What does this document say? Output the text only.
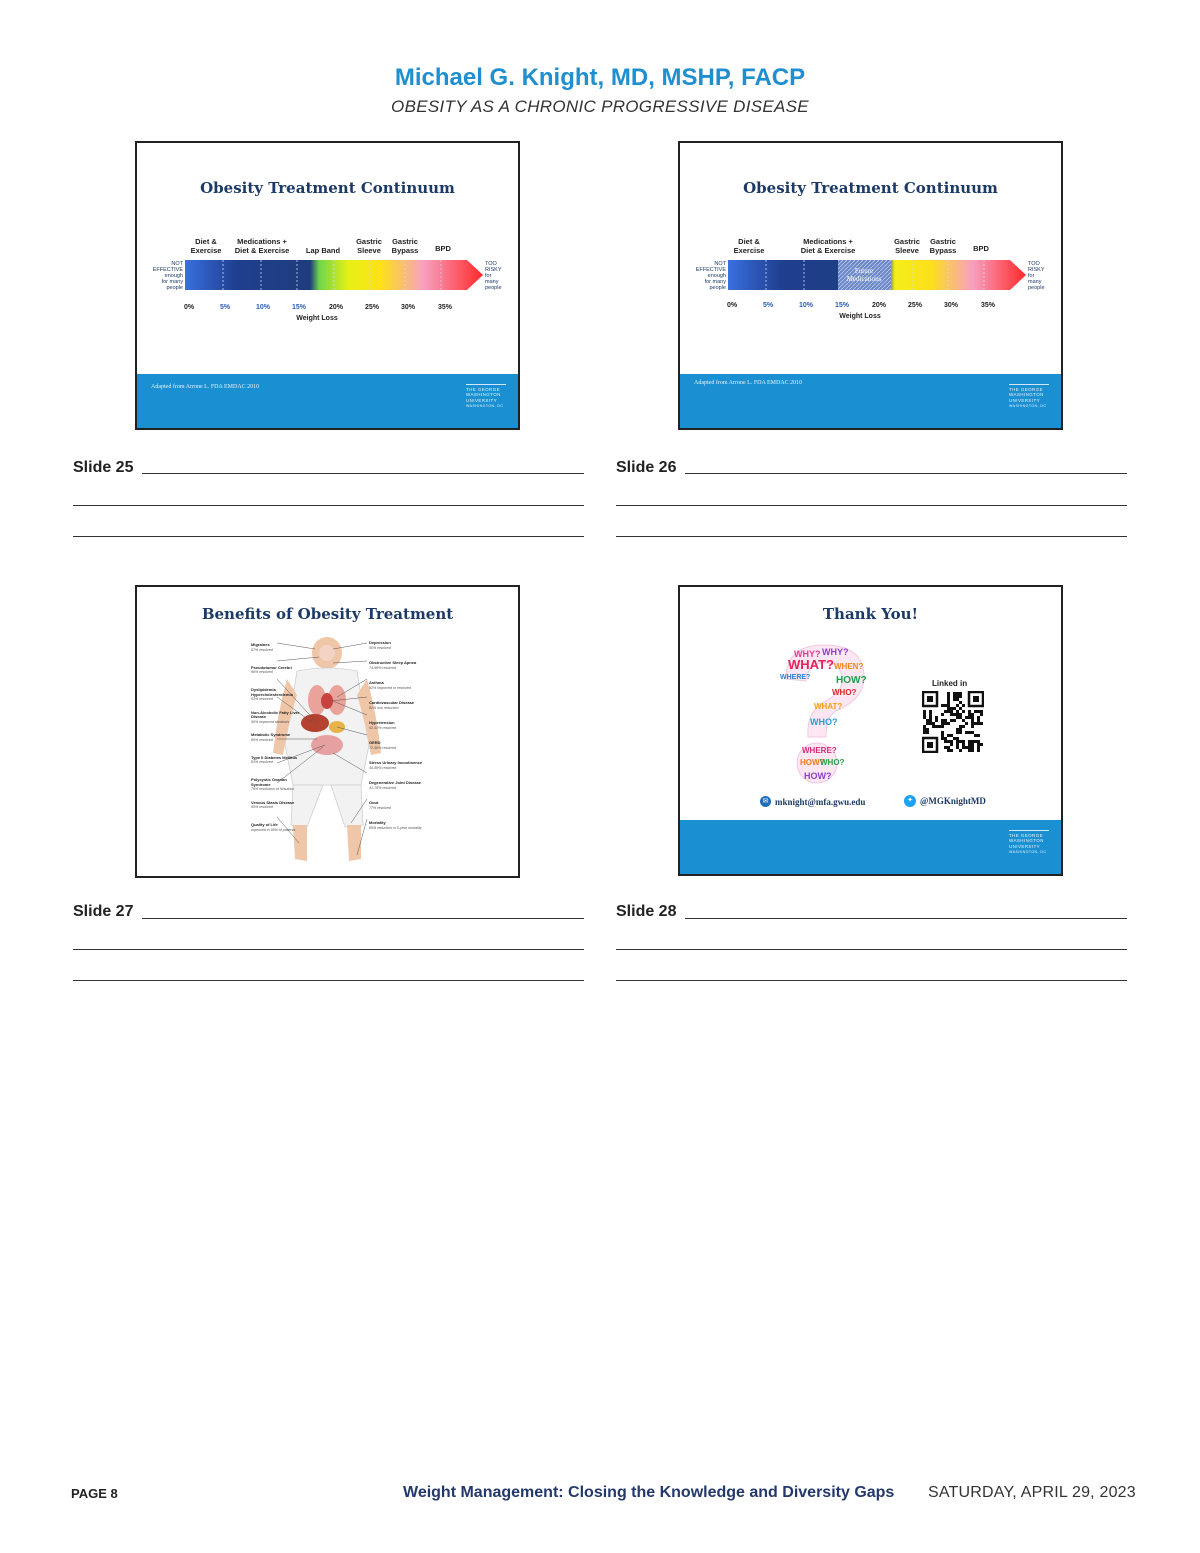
Michael G. Knight, MD, MSHP, FACP
OBESITY AS A CHRONIC PROGRESSIVE DISEASE
Obesity Treatment Continuum
Diet & Exercise
Medications + Diet & Exercise Lap Band
Gastric Sleeve
Gastric Bypass BPD
NOT
EFFECTIVE
enough
for many
people
TOO
RISKY
for
many
people
0%	5%	10%	15%	20%	25%	30%	35%
Weight Loss
Adapted from Arrone L. FDA EMDAC 2010	THE GEORGE
WASHINGTON
UNIVERSITY
WASHINGTON, DC
Obesity Treatment Continuum
Diet & Exercise
Medications + Diet & Exercise
Gastric Sleeve
Gastric Bypass BPD
Future Medications
NOT
EFFECTIVE
enough
for many
people
TOO
RISKY
for
many
people
0%	5%	10%	15%	20%	25%	30%	35%
Weight Loss
Adapted from Arrone L. FDA EMDAC 2010
THE GEORGE
WASHINGTON
UNIVERSITY
WASHINGTON, DC
Slide 25	Slide 26
Benefits of Obesity Treatment
Migraines
57% resolved
Pseudotumor Cerebri
96% resolved
Dyslipidemia Hypercholesterolemia
63% resolved
Non-Alcoholic Fatty Liver Disease
90% improved steatosis
Metabolic Syndrome
80% resolved
Type II Diabetes Mellitus
83% resolved
Polycystic Ovarian Syndrome
79% resolution of hirsutism
Venous Stasis Disease
95% resolved
Quality of Life
improved in 95% of patients
Depression
55% resolved
Obstructive Sleep Apnea
74-98% resolved
Asthma
82% improved or resolved
Cardiovascular Disease
82% risk reduction
Hypertension
52-92% resolved
GERD
72-98% resolved
Stress Urinary Incontinence
44-88% resolved
Degenerative Joint Disease
41-76% resolved
Gout
77% resolved
Mortality
89% reduction in 5-year mortality
Thank You!
WHY? WHY?
WHAT? WHEN?
WHERE?	HOW?
WHO?
WHAT?
WHO?
WHERE?
HOW?
WHO?
HOW?
Linked in
✉ mknight@mfa.gwu.edu	✦ @MGKnightMD
THE GEORGE
WASHINGTON
UNIVERSITY
WASHINGTON, DC
Slide 27	Slide 28
PAGE 8	Weight Management: Closing the Knowledge and Diversity Gaps SATURDAY, APRIL 29, 2023
